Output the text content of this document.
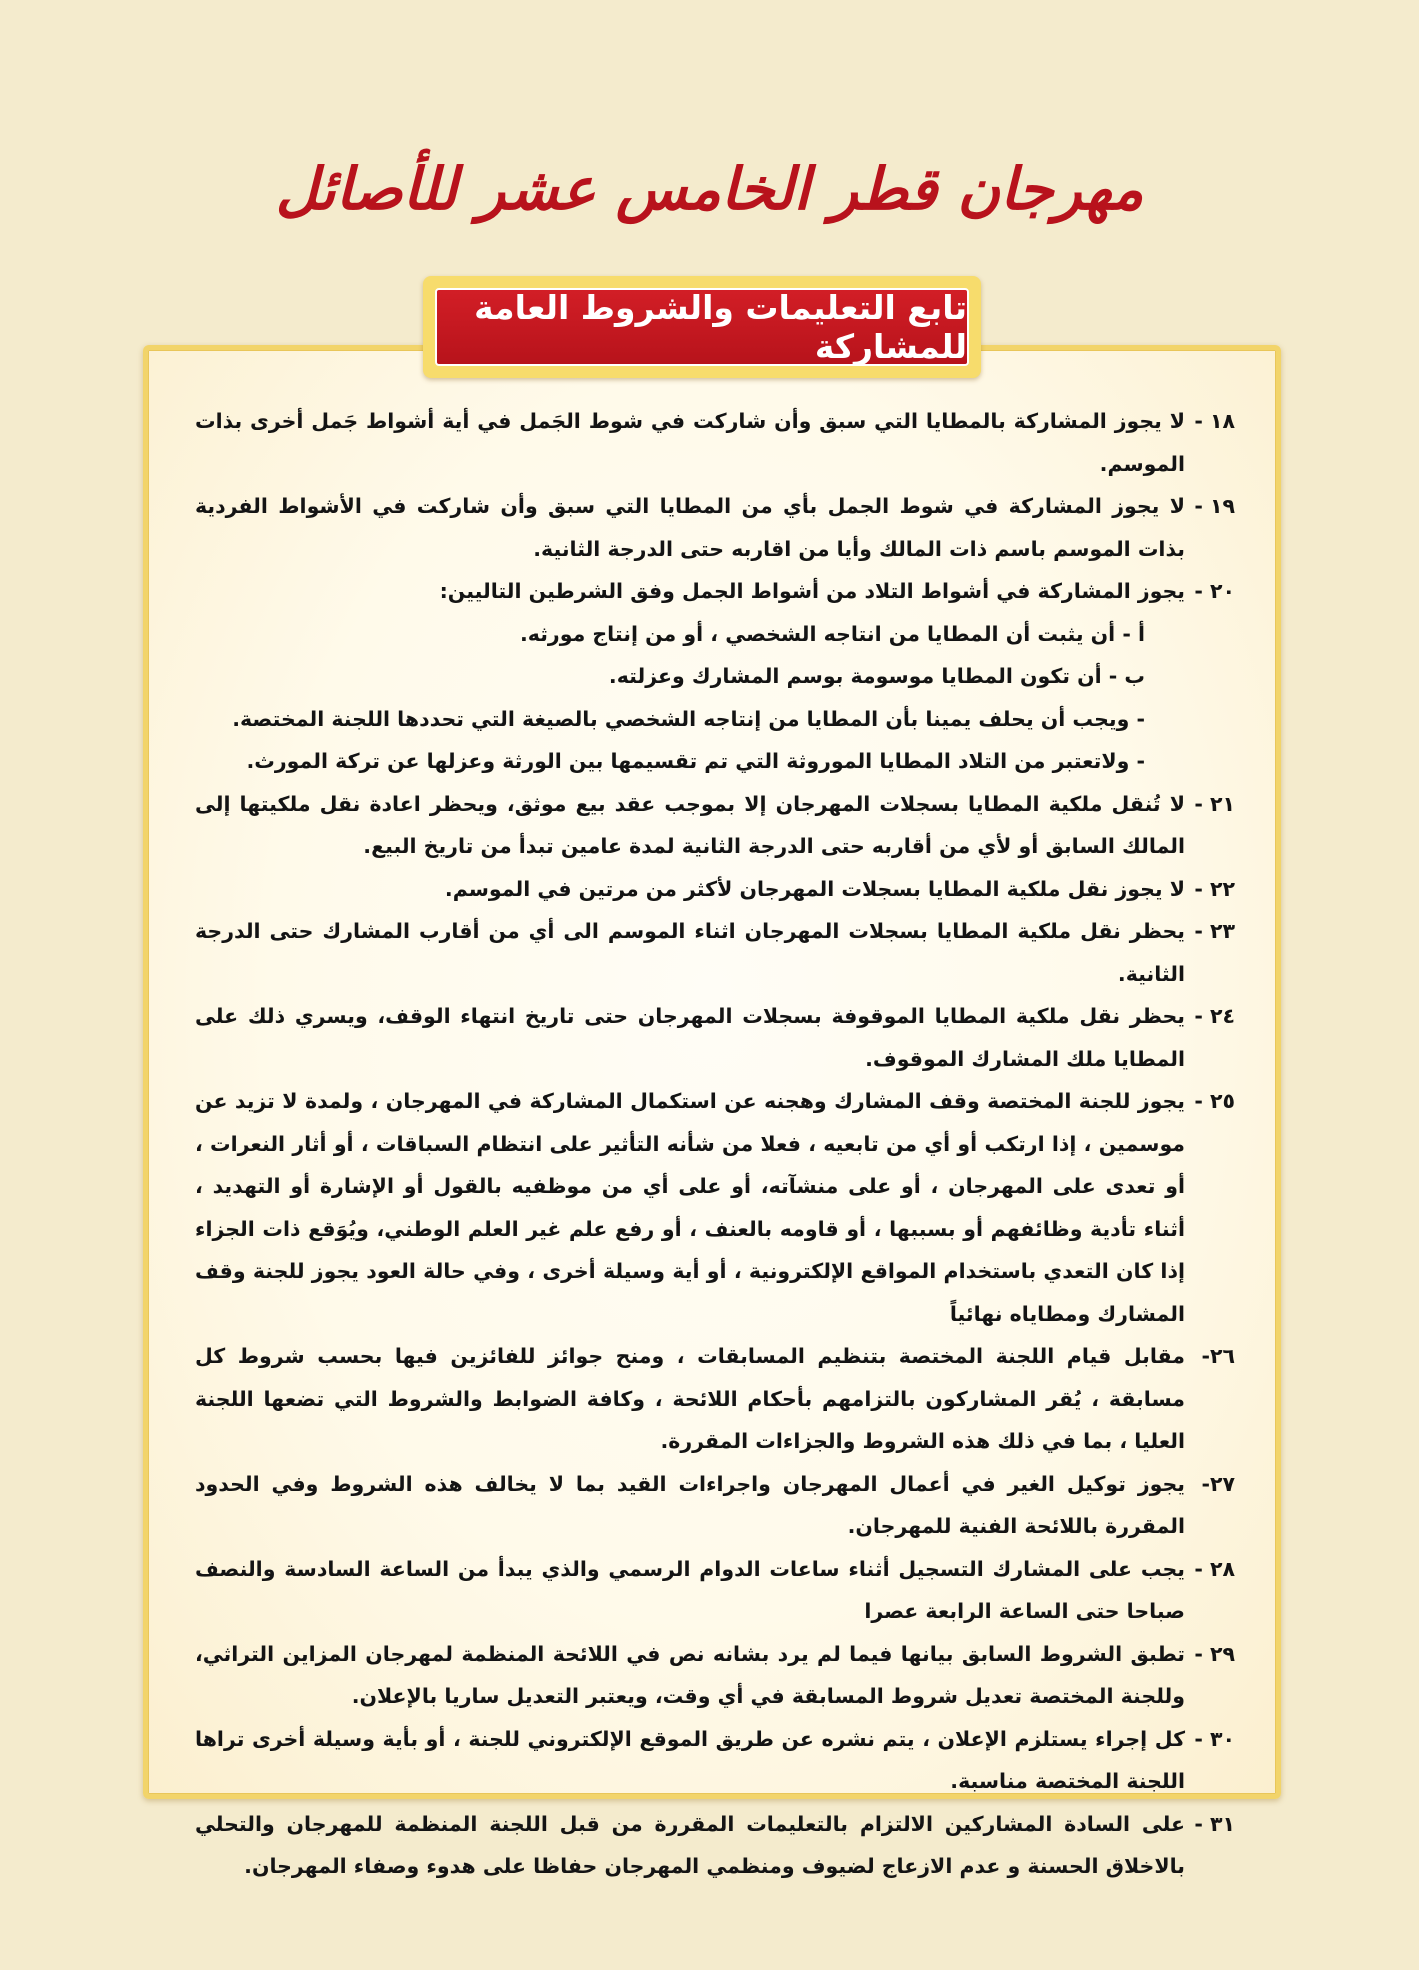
مهرجان قطر الخامس عشر للأصائل
تابع التعليمات والشروط العامة للمشاركة
١٨ -
لا يجوز المشاركة بالمطايا التي سبق وأن شاركت في شوط الجَمل في أية أشواط جَمل أخرى بذات الموسم.
١٩ -
لا يجوز المشاركة في شوط الجمل بأي من المطايا التي سبق وأن شاركت في الأشواط الفردية بذات الموسم باسم ذات المالك وأيا من اقاربه حتى الدرجة الثانية.
٢٠ -
يجوز المشاركة في أشواط التلاد من أشواط الجمل وفق الشرطين التاليين:
أ - أن يثبت أن المطايا من انتاجه الشخصي ، أو من إنتاج مورثه.
ب - أن تكون المطايا موسومة بوسم المشارك وعزلته.
- ويجب أن يحلف يمينا بأن المطايا من إنتاجه الشخصي بالصيغة التي تحددها اللجنة المختصة.
- ولاتعتبر من التلاد المطايا الموروثة التي تم تقسيمها بين الورثة وعزلها عن تركة المورث.
٢١ -
لا تُنقل ملكية المطايا بسجلات المهرجان إلا بموجب عقد بيع موثق، ويحظر اعادة نقل ملكيتها إلى المالك السابق أو لأي من أقاربه حتى الدرجة الثانية لمدة عامين تبدأ من تاريخ البيع.
٢٢ -
لا يجوز نقل ملكية المطايا بسجلات المهرجان لأكثر من مرتين في الموسم.
٢٣ -
يحظر نقل ملكية المطايا بسجلات المهرجان اثناء الموسم الى أي من أقارب المشارك حتى الدرجة الثانية.
٢٤ -
يحظر نقل ملكية المطايا الموقوفة بسجلات المهرجان حتى تاريخ انتهاء الوقف، ويسري ذلك على المطايا ملك المشارك الموقوف.
٢٥ -
يجوز للجنة المختصة وقف المشارك وهجنه عن استكمال المشاركة في المهرجان ، ولمدة لا تزيد عن موسمين ، إذا ارتكب أو أي من تابعيه ، فعلا من شأنه التأثير على انتظام السباقات ، أو أثار النعرات ، أو تعدى على المهرجان ، أو على منشآته، أو على أي من موظفيه بالقول أو الإشارة أو التهديد ، أثناء تأدية وظائفهم أو بسببها ، أو قاومه بالعنف ، أو رفع علم غير العلم الوطني، ويُوَقع ذات الجزاء إذا كان التعدي باستخدام المواقع الإلكترونية ، أو أية وسيلة أخرى ، وفي حالة العود يجوز للجنة وقف المشارك ومطاياه نهائياً
٢٦-
مقابل قيام اللجنة المختصة بتنظيم المسابقات ، ومنح جوائز للفائزين فيها بحسب شروط كل مسابقة ، يُقر المشاركون بالتزامهم بأحكام اللائحة ، وكافة الضوابط والشروط التي تضعها اللجنة العليا ، بما في ذلك هذه الشروط والجزاءات المقررة.
٢٧-
يجوز توكيل الغير في أعمال المهرجان واجراءات القيد بما لا يخالف هذه الشروط وفي الحدود المقررة باللائحة الفنية للمهرجان.
٢٨ -
يجب على المشارك التسجيل أثناء ساعات الدوام الرسمي والذي يبدأ من الساعة السادسة والنصف صباحا حتى الساعة الرابعة عصرا
٢٩ -
تطبق الشروط السابق بيانها فيما لم يرد بشانه نص في اللائحة المنظمة لمهرجان المزاين التراثي، وللجنة المختصة تعديل شروط المسابقة في أي وقت، ويعتبر التعديل ساريا بالإعلان.
٣٠ -
كل إجراء يستلزم الإعلان ، يتم نشره عن طريق الموقع الإلكتروني للجنة ، أو بأية وسيلة أخرى تراها اللجنة المختصة مناسبة.
٣١ -
على السادة المشاركين الالتزام بالتعليمات المقررة من قبل اللجنة المنظمة للمهرجان والتحلي بالاخلاق الحسنة و عدم الازعاج لضيوف ومنظمي المهرجان حفاظا على هدوء وصفاء المهرجان.
